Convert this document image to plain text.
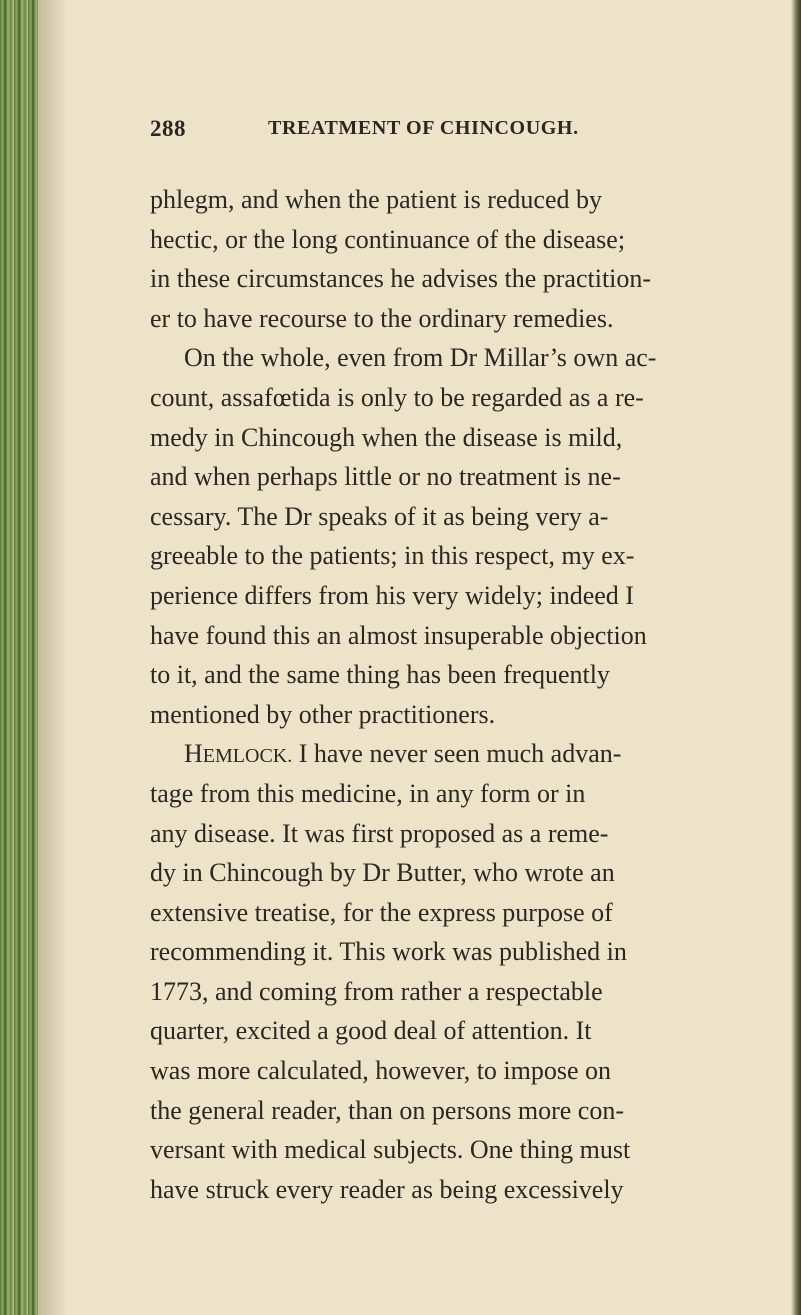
288	TREATMENT OF CHINCOUGH.
phlegm, and when the patient is reduced by
hectic, or the long continuance of the disease;
in these circumstances he advises the practition-
er to have recourse to the ordinary remedies.
On the whole, even from Dr Millar’s own ac-
count, assafœtida is only to be regarded as a re-
medy in Chincough when the disease is mild,
and when perhaps little or no treatment is ne-
cessary. The Dr speaks of it as being very a-
greeable to the patients; in this respect, my ex-
perience differs from his very widely; indeed I
have found this an almost insuperable objection
to it, and the same thing has been frequently
mentioned by other practitioners.
HEMLOCK. I have never seen much advan-
tage from this medicine, in any form or in
any disease. It was first proposed as a reme-
dy in Chincough by Dr Butter, who wrote an
extensive treatise, for the express purpose of
recommending it. This work was published in
1773, and coming from rather a respectable
quarter, excited a good deal of attention. It
was more calculated, however, to impose on
the general reader, than on persons more con-
versant with medical subjects. One thing must
have struck every reader as being excessively
